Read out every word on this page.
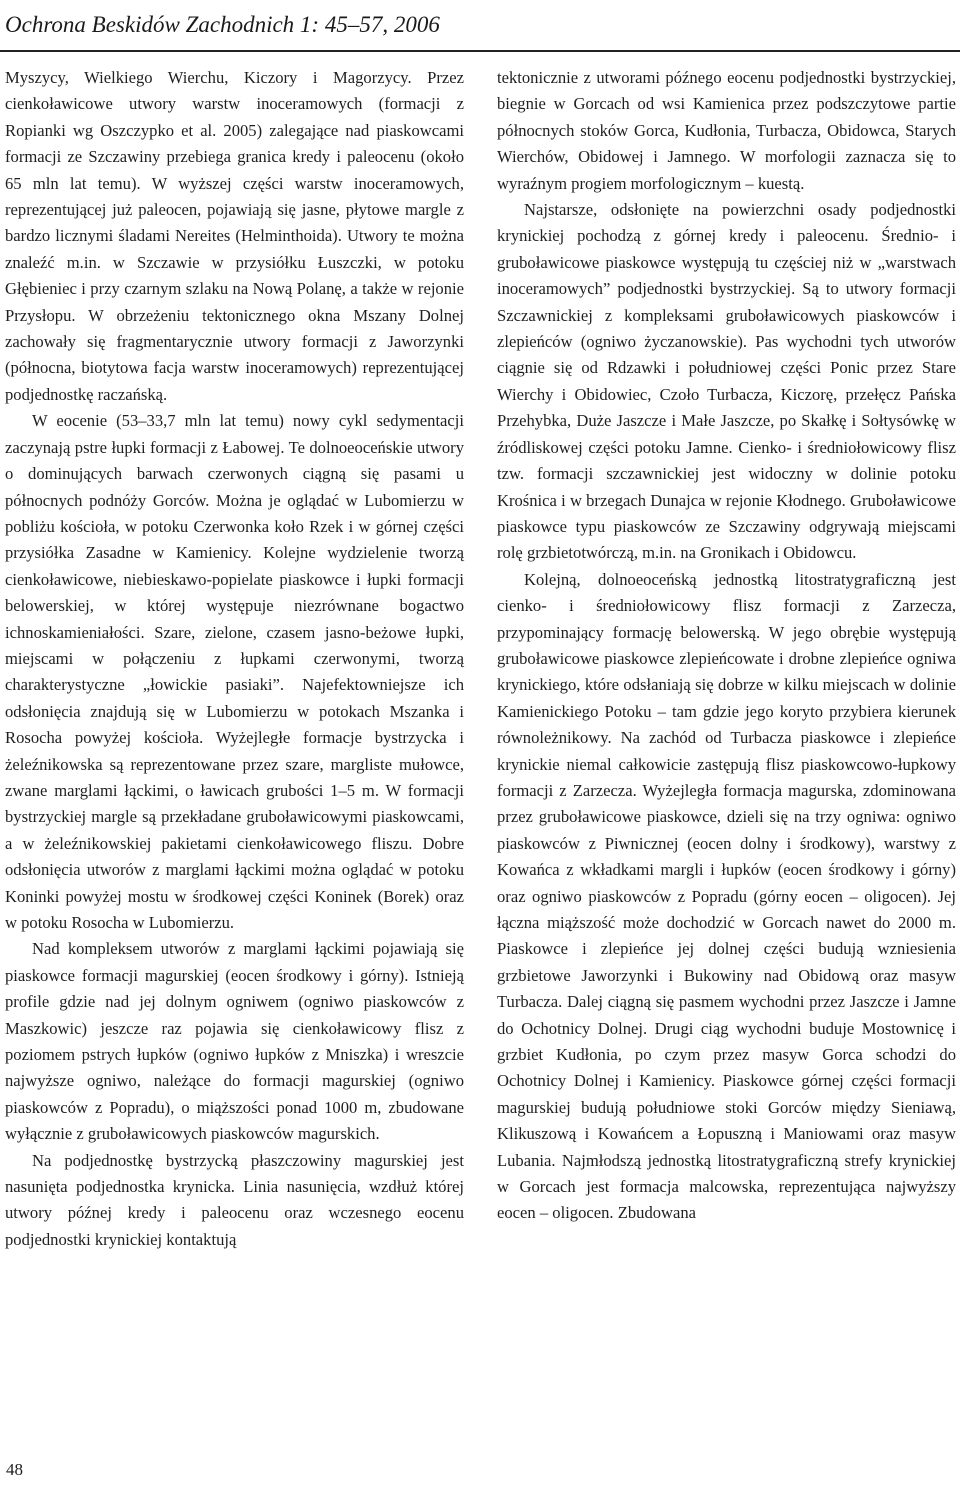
Ochrona Beskidów Zachodnich 1: 45–57, 2006

Myszycy, Wielkiego Wierchu, Kiczory i Magorzycy. Przez cienkoławicowe utwory warstw inoceramowych (formacji z Ropianki wg Oszczypko et al. 2005) zalegające nad piaskowcami formacji ze Szczawiny przebiega granica kredy i paleocenu (około 65 mln lat temu). W wyższej części warstw inoceramowych, reprezentującej już paleocen, pojawiają się jasne, płytowe margle z bardzo licznymi śladami Nereites (Helminthoida). Utwory te można znaleźć m.in. w Szczawie w przysiółku Łuszczki, w potoku Głębieniec i przy czarnym szlaku na Nową Polanę, a także w rejonie Przysłopu. W obrzeżeniu tektonicznego okna Mszany Dolnej zachowały się fragmentarycznie utwory formacji z Jaworzynki (północna, biotytowa facja warstw inoceramowych) reprezentującej podjednostkę raczańską.

W eocenie (53–33,7 mln lat temu) nowy cykl sedymentacji zaczynają pstre łupki formacji z Łabowej. Te dolnoeoceńskie utwory o dominujących barwach czerwonych ciągną się pasami u północnych podnóży Gorców. Można je oglądać w Lubomierzu w pobliżu kościoła, w potoku Czerwonka koło Rzek i w górnej części przysiółka Zasadne w Kamienicy. Kolejne wydzielenie tworzą cienkoławicowe, niebieskawo-popielate piaskowce i łupki formacji belowerskiej, w której występuje niezrównane bogactwo ichnoskamieniałości. Szare, zielone, czasem jasno-beżowe łupki, miejscami w połączeniu z łupkami czerwonymi, tworzą charakterystyczne „łowickie pasiaki”. Najefektowniejsze ich odsłonięcia znajdują się w Lubomierzu w potokach Mszanka i Rosocha powyżej kościoła. Wyżejległe formacje bystrzycka i żeleźnikowska są reprezentowane przez szare, margliste mułowce, zwane marglami łąckimi, o ławicach grubości 1–5 m. W formacji bystrzyckiej margle są przekładane gruboławicowymi piaskowcami, a w żeleźnikowskiej pakietami cienkoławicowego fliszu. Dobre odsłonięcia utworów z marglami łąckimi można oglądać w potoku Koninki powyżej mostu w środkowej części Koninek (Borek) oraz w potoku Rosocha w Lubomierzu.

Nad kompleksem utworów z marglami łąckimi pojawiają się piaskowce formacji magurskiej (eocen środkowy i górny). Istnieją profile gdzie nad jej dolnym ogniwem (ogniwo piaskowców z Maszkowic) jeszcze raz pojawia się cienkoławicowy flisz z poziomem pstrych łupków (ogniwo łupków z Mniszka) i wreszcie najwyższe ogniwo, należące do formacji magurskiej (ogniwo piaskowców z Popradu), o miąższości ponad 1000 m, zbudowane wyłącznie z gruboławicowych piaskowców magurskich.

Na podjednostkę bystrzycką płaszczowiny magurskiej jest nasunięta podjednostka krynicka. Linia nasunięcia, wzdłuż której utwory późnej kredy i paleocenu oraz wczesnego eocenu podjednostki krynickiej kontaktują

tektonicznie z utworami późnego eocenu podjednostki bystrzyckiej, biegnie w Gorcach od wsi Kamienica przez podszczytowe partie północnych stoków Gorca, Kudłonia, Turbacza, Obidowca, Starych Wierchów, Obidowej i Jamnego. W morfologii zaznacza się to wyraźnym progiem morfologicznym – kuestą.

Najstarsze, odsłonięte na powierzchni osady podjednostki krynickiej pochodzą z górnej kredy i paleocenu. Średnio- i gruboławicowe piaskowce występują tu częściej niż w „warstwach inoceramowych” podjednostki bystrzyckiej. Są to utwory formacji Szczawnickiej z kompleksami gruboławicowych piaskowców i zlepieńców (ogniwo życzanowskie). Pas wychodni tych utworów ciągnie się od Rdzawki i południowej części Ponic przez Stare Wierchy i Obidowiec, Czoło Turbacza, Kiczorę, przełęcz Pańska Przehybka, Duże Jaszcze i Małe Jaszcze, po Skałkę i Sołtysówkę w źródliskowej części potoku Jamne. Cienko- i średniołowicowy flisz tzw. formacji szczawnickiej jest widoczny w dolinie potoku Krośnica i w brzegach Dunajca w rejonie Kłodnego. Gruboławicowe piaskowce typu piaskowców ze Szczawiny odgrywają miejscami rolę grzbietotwórczą, m.in. na Gronikach i Obidowcu.

Kolejną, dolnoeoceńską jednostką litostratygraficzną jest cienko- i średniołowicowy flisz formacji z Zarzecza, przypominający formację belowerską. W jego obrębie występują gruboławicowe piaskowce zlepieńcowate i drobne zlepieńce ogniwa krynickiego, które odsłaniają się dobrze w kilku miejscach w dolinie Kamienickiego Potoku – tam gdzie jego koryto przybiera kierunek równoleżnikowy. Na zachód od Turbacza piaskowce i zlepieńce krynickie niemal całkowicie zastępują flisz piaskowcowo-łupkowy formacji z Zarzecza. Wyżejległa formacja magurska, zdominowana przez gruboławicowe piaskowce, dzieli się na trzy ogniwa: ogniwo piaskowców z Piwnicznej (eocen dolny i środkowy), warstwy z Kowańca z wkładkami margli i łupków (eocen środkowy i górny) oraz ogniwo piaskowców z Popradu (górny eocen – oligocen). Jej łączna miąższość może dochodzić w Gorcach nawet do 2000 m. Piaskowce i zlepieńce jej dolnej części budują wzniesienia grzbietowe Jaworzynki i Bukowiny nad Obidową oraz masyw Turbacza. Dalej ciągną się pasmem wychodni przez Jaszcze i Jamne do Ochotnicy Dolnej. Drugi ciąg wychodni buduje Mostownicę i grzbiet Kudłonia, po czym przez masyw Gorca schodzi do Ochotnicy Dolnej i Kamienicy. Piaskowce górnej części formacji magurskiej budują południowe stoki Gorców między Sieniawą, Klikuszową i Kowańcem a Łopuszną i Maniowami oraz masyw Lubania. Najmłodszą jednostką litostratygraficzną strefy krynickiej w Gorcach jest formacja malcowska, reprezentująca najwyższy eocen – oligocen. Zbudowana

48
